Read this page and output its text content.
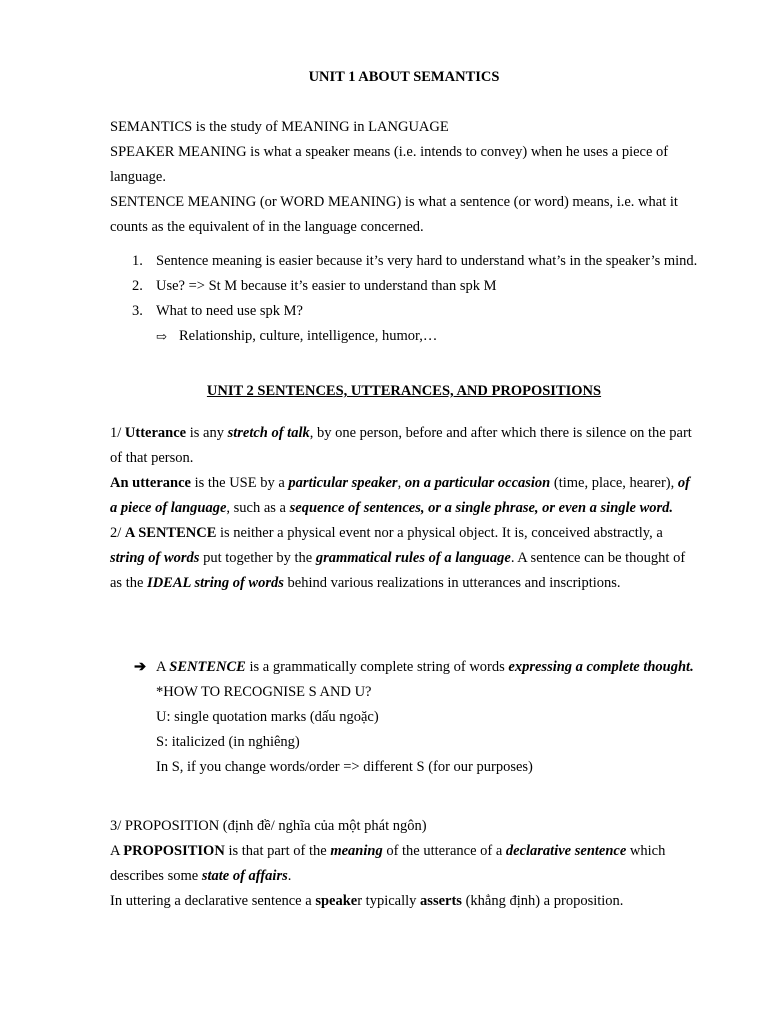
UNIT 1 ABOUT SEMANTICS

SEMANTICS is the study of MEANING in LANGUAGE

SPEAKER MEANING is what a speaker means (i.e. intends to convey) when he uses a piece of language.

SENTENCE MEANING (or WORD MEANING) is what a sentence (or word) means, i.e. what it counts as the equivalent of in the language concerned.

1. Sentence meaning is easier because it’s very hard to understand what’s in the speaker’s mind.
2. Use? => St M because it’s easier to understand than spk M
3. What to need use spk M?
⇨ Relationship, culture, intelligence, humor,…

UNIT 2 SENTENCES, UTTERANCES, AND PROPOSITIONS

1/ Utterance is any stretch of talk, by one person, before and after which there is silence on the part of that person.

An utterance is the USE by a particular speaker, on a particular occasion (time, place, hearer), of a piece of language, such as a sequence of sentences, or a single phrase, or even a single word.

2/ A SENTENCE is neither a physical event nor a physical object. It is, conceived abstractly, a string of words put together by the grammatical rules of a language. A sentence can be thought of as the IDEAL string of words behind various realizations in utterances and inscriptions.

➔ A SENTENCE is a grammatically complete string of words expressing a complete thought.

*HOW TO RECOGNISE S AND U?

U: single quotation marks (dấu ngoặc)

S: italicized (in nghiêng)

In S, if you change words/order => different S (for our purposes)

3/ PROPOSITION (định đề/ nghĩa của một phát ngôn)

A PROPOSITION is that part of the meaning of the utterance of a declarative sentence which describes some state of affairs.

In uttering a declarative sentence a speaker typically asserts (khẳng định) a proposition.
